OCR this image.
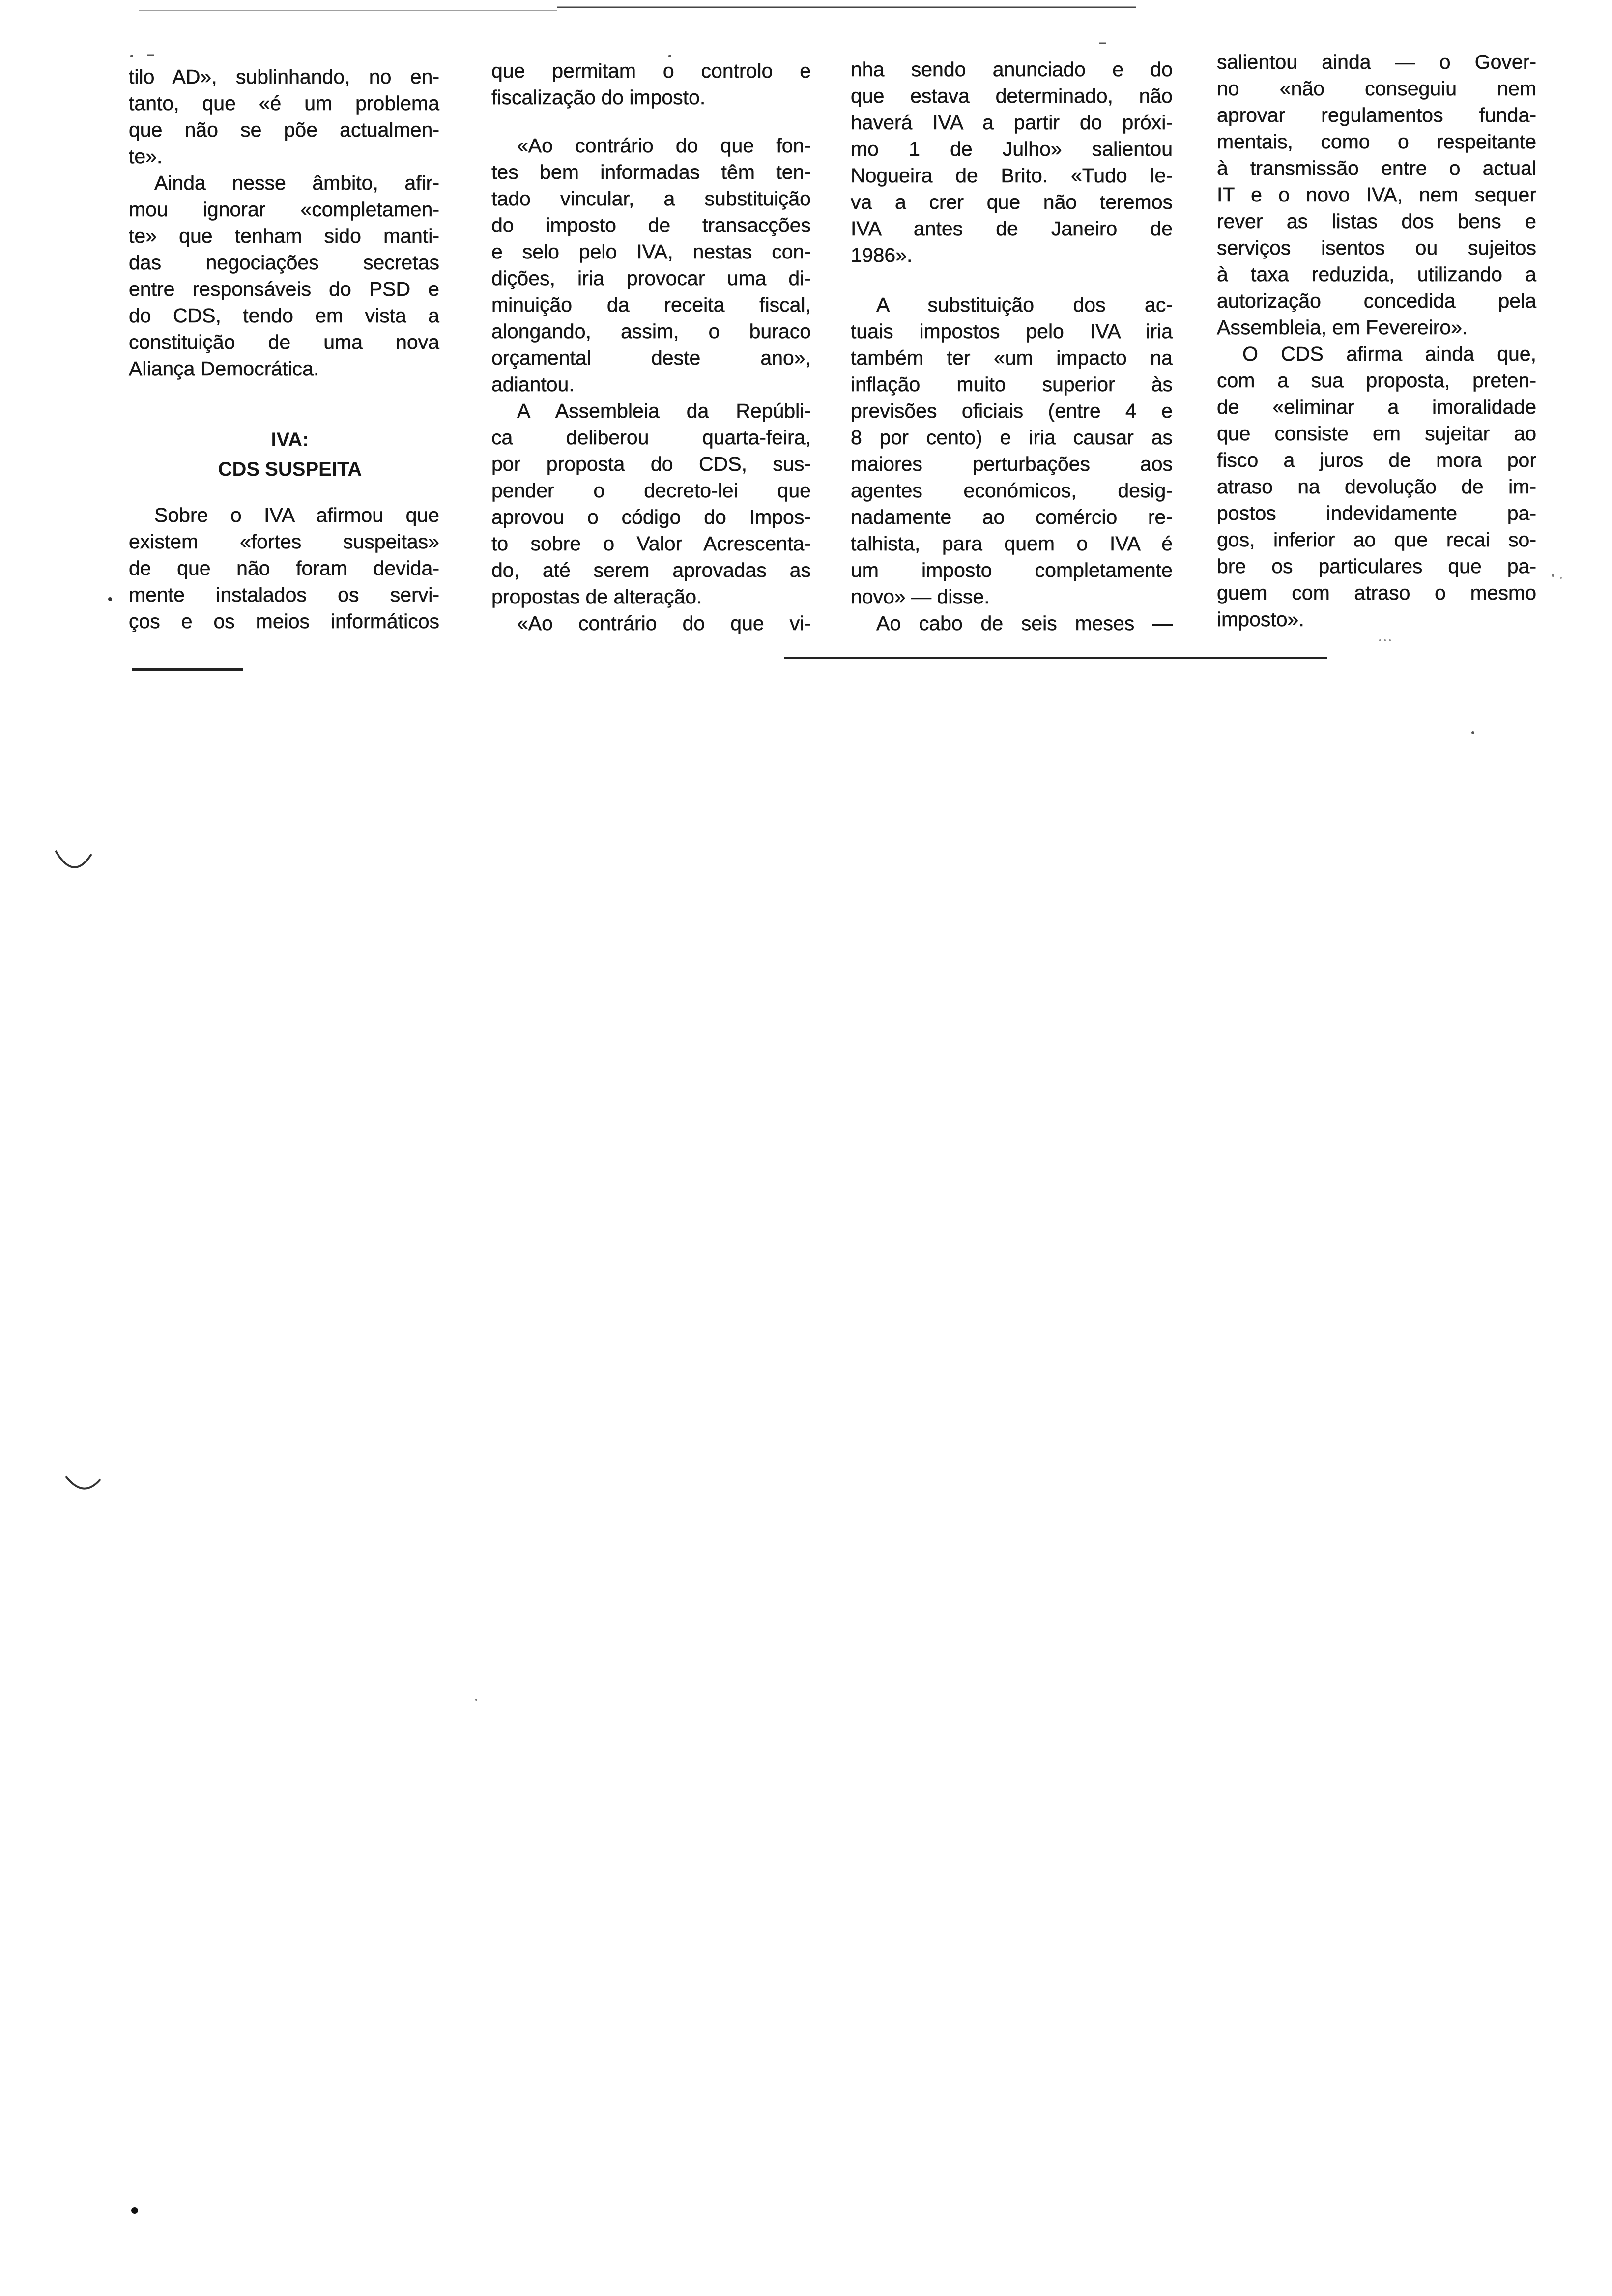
tilo AD», sublinhando, no en-
tanto, que «é um problema
que não se põe actualmen-
te».
Ainda nesse âmbito, afir-
mou ignorar «completamen-
te» que tenham sido manti-
das negociações secretas
entre responsáveis do PSD e
do CDS, tendo em vista a
constituição de uma nova
Aliança Democrática.
IVA:
CDS SUSPEITA
Sobre o IVA afirmou que
existem «fortes suspeitas»
de que não foram devida-
mente instalados os servi-
ços e os meios informáticos
que permitam o controlo e
fiscalização do imposto.
«Ao contrário do que fon-
tes bem informadas têm ten-
tado vincular, a substituição
do imposto de transacções
e selo pelo IVA, nestas con-
dições, iria provocar uma di-
minuição da receita fiscal,
alongando, assim, o buraco
orçamental deste ano»,
adiantou.
A Assembleia da Repúbli-
ca deliberou quarta-feira,
por proposta do CDS, sus-
pender o decreto-lei que
aprovou o código do Impos-
to sobre o Valor Acrescenta-
do, até serem aprovadas as
propostas de alteração.
«Ao contrário do que vi-
nha sendo anunciado e do
que estava determinado, não
haverá IVA a partir do próxi-
mo 1 de Julho» salientou
Nogueira de Brito. «Tudo le-
va a crer que não teremos
IVA antes de Janeiro de
1986».
A substituição dos ac-
tuais impostos pelo IVA iria
também ter «um impacto na
inflação muito superior às
previsões oficiais (entre 4 e
8 por cento) e iria causar as
maiores perturbações aos
agentes económicos, desig-
nadamente ao comércio re-
talhista, para quem o IVA é
um imposto completamente
novo» — disse.
Ao cabo de seis meses —
salientou ainda — o Gover-
no «não conseguiu nem
aprovar regulamentos funda-
mentais, como o respeitante
à transmissão entre o actual
IT e o novo IVA, nem sequer
rever as listas dos bens e
serviços isentos ou sujeitos
à taxa reduzida, utilizando a
autorização concedida pela
Assembleia, em Fevereiro».
O CDS afirma ainda que,
com a sua proposta, preten-
de «eliminar a imoralidade
que consiste em sujeitar ao
fisco a juros de mora por
atraso na devolução de im-
postos indevidamente pa-
gos, inferior ao que recai so-
bre os particulares que pa-
guem com atraso o mesmo
imposto».
